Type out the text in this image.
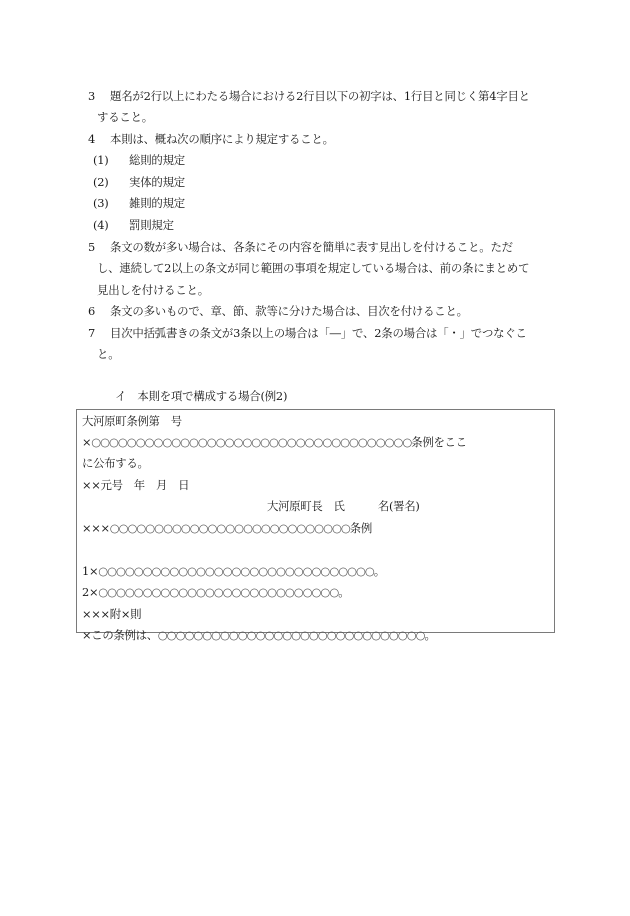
3 題名が2行以上にわたる場合における2行目以下の初字は、1行目と同じく第4字目と
すること。
4 本則は、概ね次の順序により規定すること。
(1) 総則的規定
(2) 実体的規定
(3) 雑則的規定
(4) 罰則規定
5 条文の数が多い場合は、各条にその内容を簡単に表す見出しを付けること。ただ
し、連続して2以上の条文が同じ範囲の事項を規定している場合は、前の条にまとめて
見出しを付けること。
6 条文の多いもので、章、節、款等に分けた場合は、目次を付けること。
7 目次中括弧書きの条文が3条以上の場合は「―」で、2条の場合は「・」でつなぐこ
と。
イ　本則を項で構成する場合(例2)
大河原町条例第　号
×○○○○○○○○○○○○○○○○○○○○○○○○○○○○○○○○○○○○条例をここ
に公布する。
××元号　年　月　日
大河原町長　氏　　　名(署名)
×××○○○○○○○○○○○○○○○○○○○○○○○○○○○条例
1×○○○○○○○○○○○○○○○○○○○○○○○○○○○○○○○。
2×○○○○○○○○○○○○○○○○○○○○○○○○○○○。
×××附×則
×この条例は、○○○○○○○○○○○○○○○○○○○○○○○○○○○○○○。
